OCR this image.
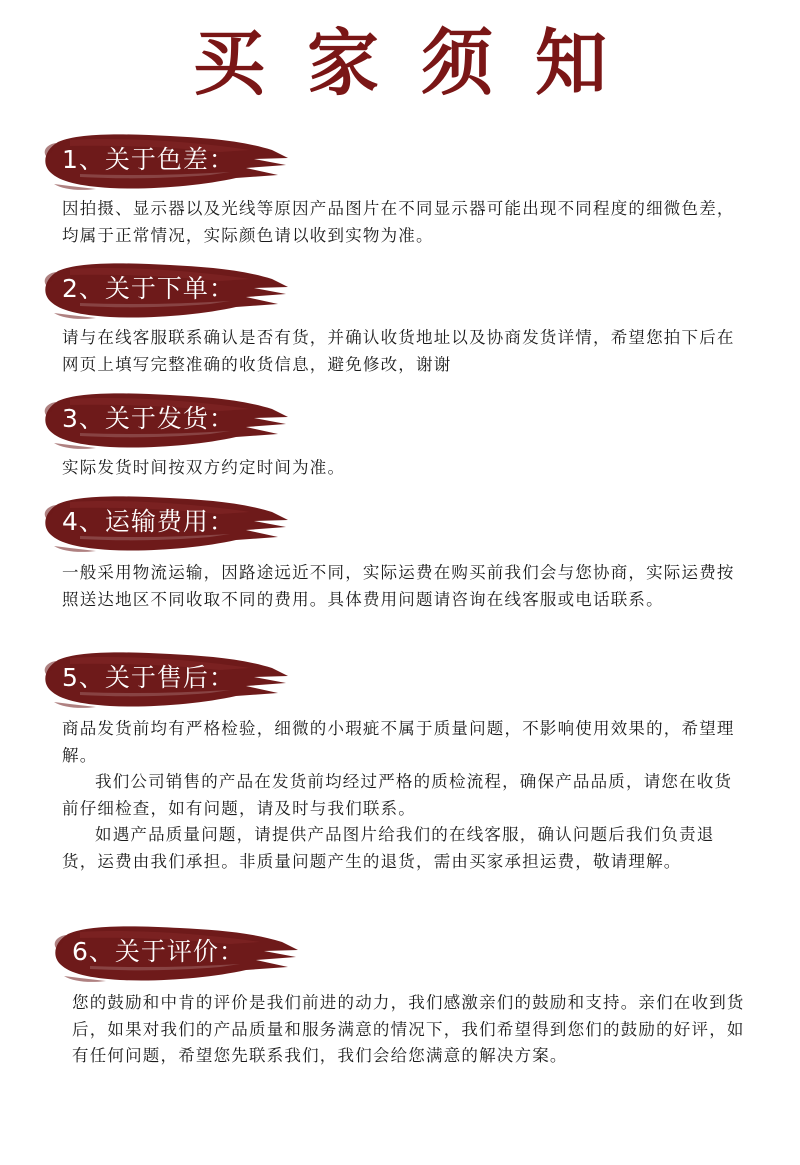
买家须知
1、关于色差：

因拍摄、显示器以及光线等原因产品图片在不同显示器可能出现不同程度的细微色差，均属于正常情况，实际颜色请以收到实物为准。

2、关于下单：

请与在线客服联系确认是否有货，并确认收货地址以及协商发货详情，希望您拍下后在网页上填写完整准确的收货信息，避免修改，谢谢

3、关于发货：

实际发货时间按双方约定时间为准。

4、运输费用：

一般采用物流运输，因路途远近不同，实际运费在购买前我们会与您协商，实际运费按照送达地区不同收取不同的费用。具体费用问题请咨询在线客服或电话联系。

5、关于售后：

商品发货前均有严格检验，细微的小瑕疵不属于质量问题，不影响使用效果的，希望理解。

我们公司销售的产品在发货前均经过严格的质检流程，确保产品品质，请您在收货前仔细检查，如有问题，请及时与我们联系。

如遇产品质量问题，请提供产品图片给我们的在线客服，确认问题后我们负责退货，运费由我们承担。非质量问题产生的退货，需由买家承担运费，敬请理解。

6、关于评价：

您的鼓励和中肯的评价是我们前进的动力，我们感激亲们的鼓励和支持。亲们在收到货后，如果对我们的产品质量和服务满意的情况下，我们希望得到您们的鼓励的好评，如有任何问题，希望您先联系我们，我们会给您满意的解决方案。
